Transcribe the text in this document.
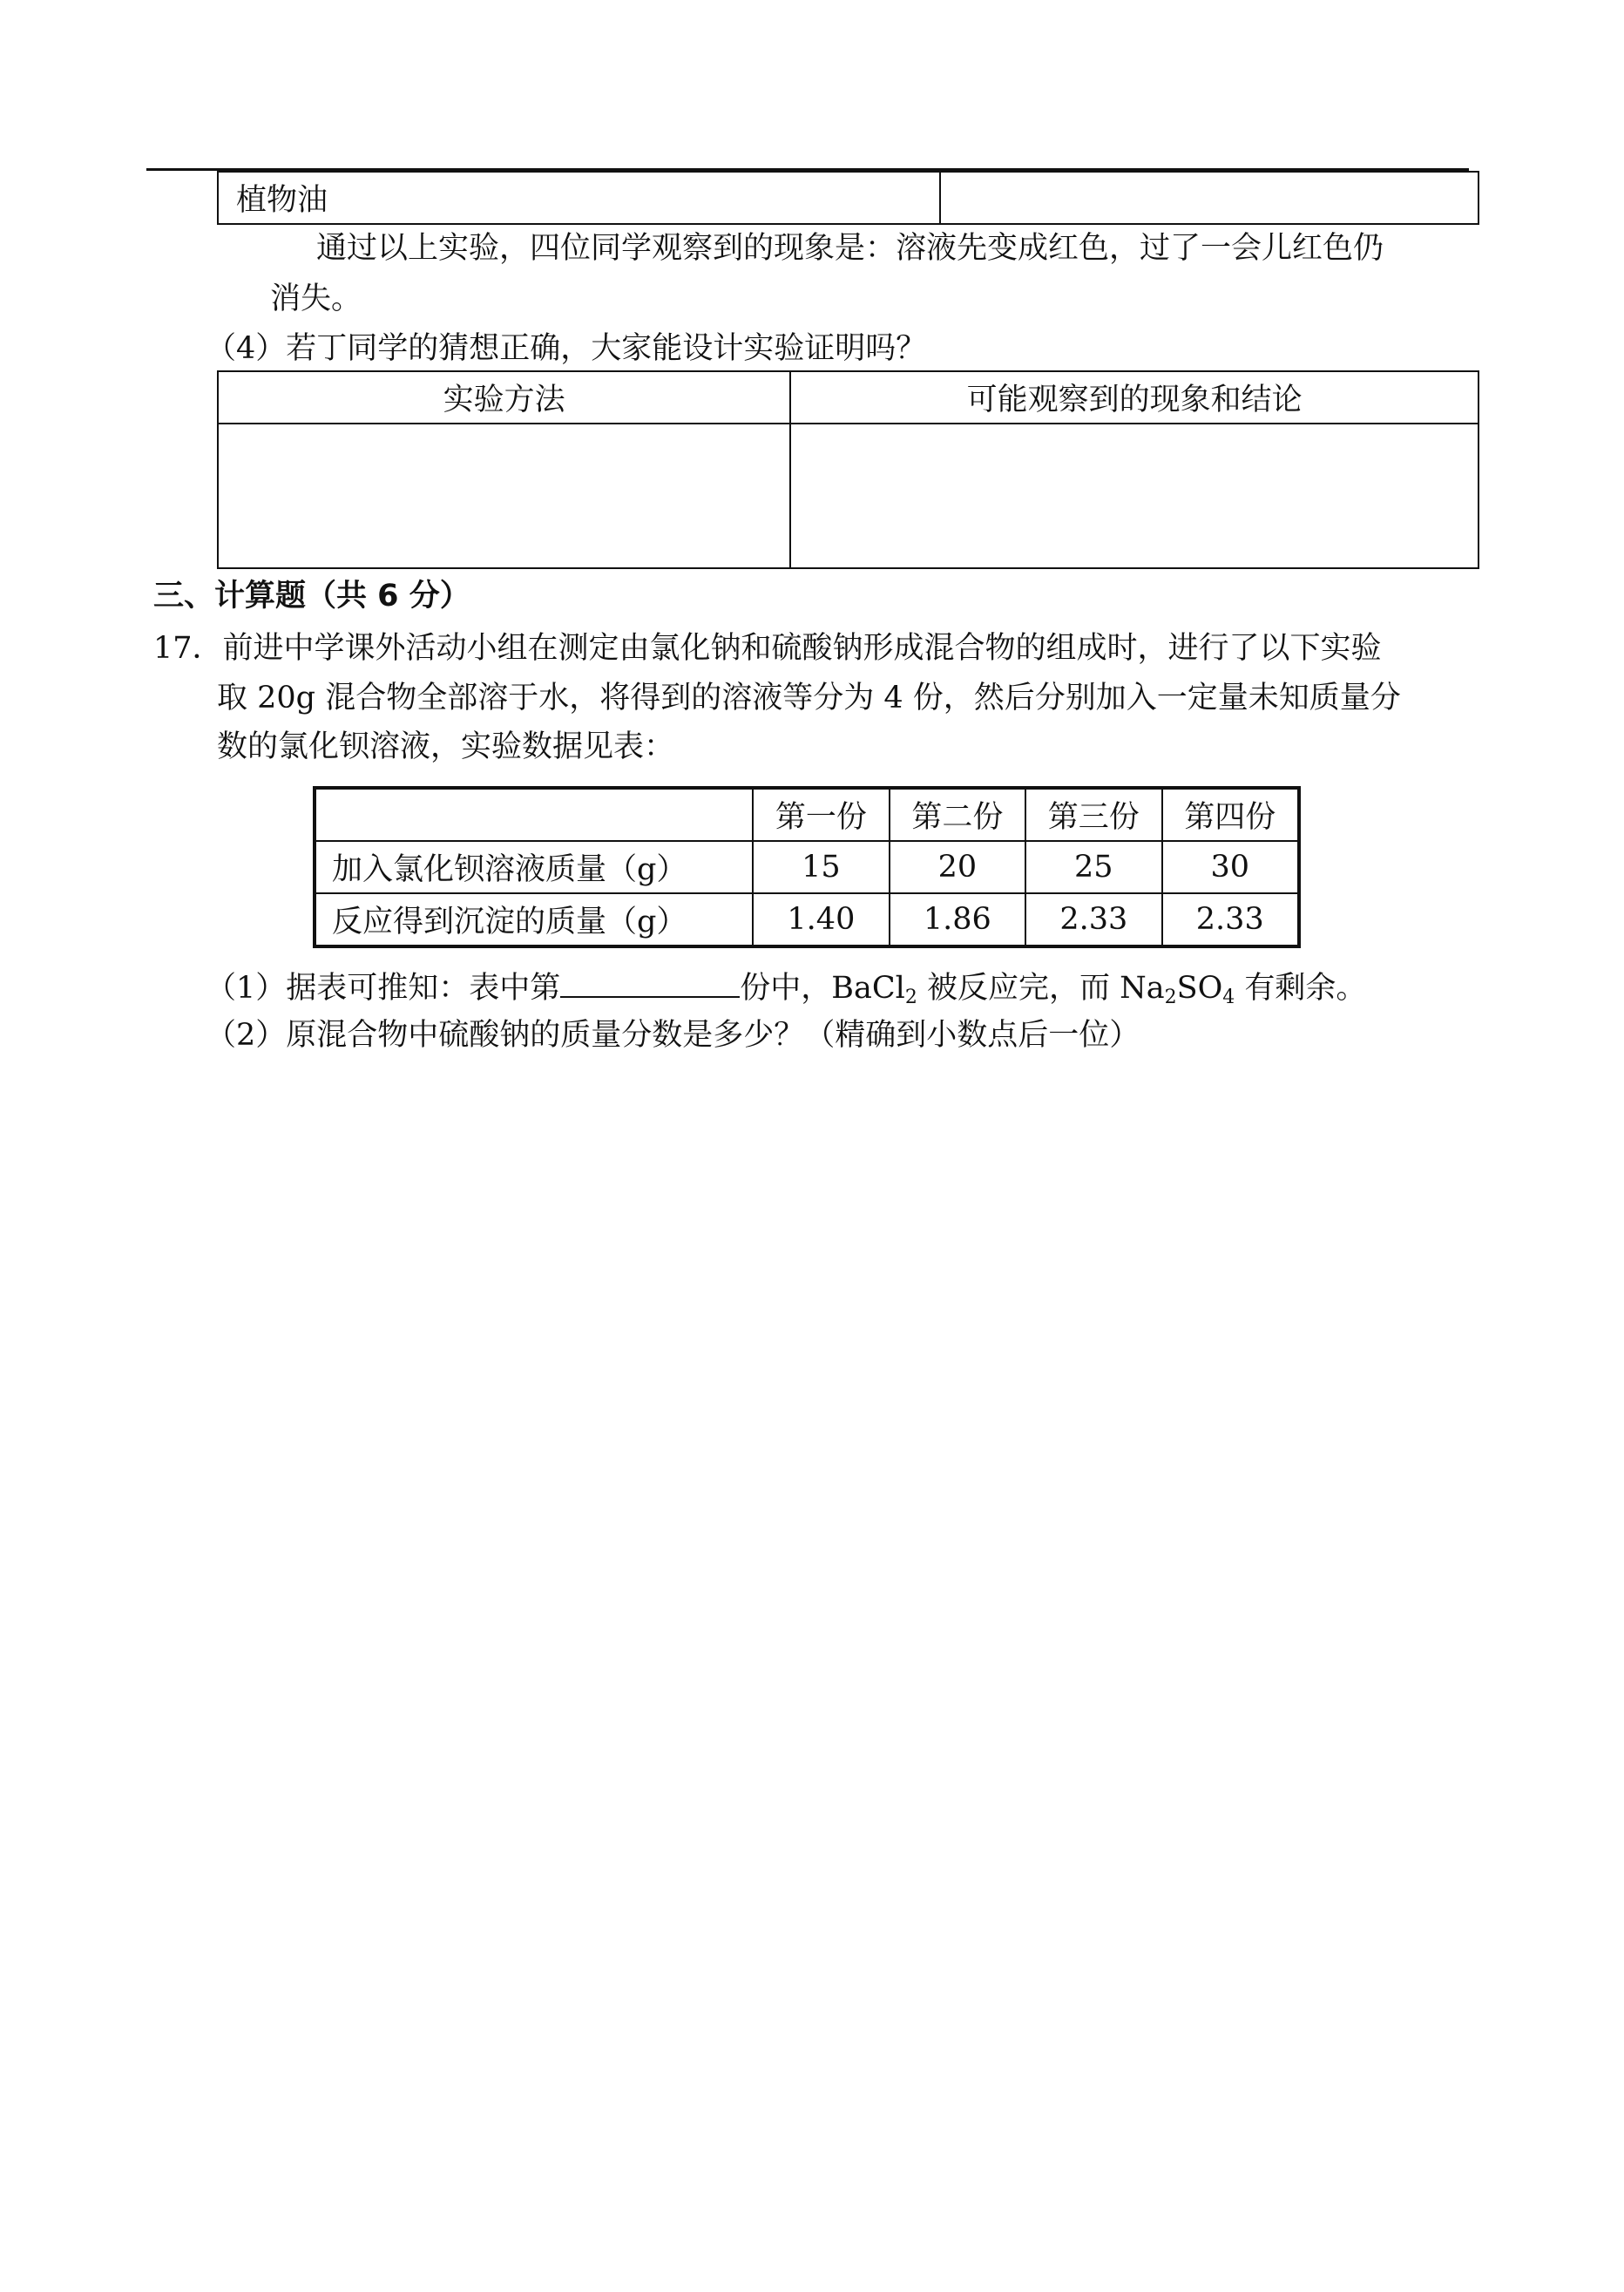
植物油	
通过以上实验，四位同学观察到的现象是：溶液先变成红色，过了一会儿红色仍
消失。
（4）若丁同学的猜想正确，大家能设计实验证明吗？
实验方法	可能观察到的现象和结论

三、计算题（共 6 分）
17．前进中学课外活动小组在测定由氯化钠和硫酸钠形成混合物的组成时，进行了以下实验
取 20g 混合物全部溶于水，将得到的溶液等分为 4 份，然后分别加入一定量未知质量分
数的氯化钡溶液，实验数据见表：
	第一份	第二份	第三份	第四份
加入氯化钡溶液质量（g）	15	20	25	30
反应得到沉淀的质量（g）	1.40	1.86	2.33	2.33
（1）据表可推知：表中第	份中，BaCl$_2$ 被反应完，而 $Na_2SO_4$ 有剩余。
（2）原混合物中硫酸钠的质量分数是多少？（精确到小数点后一位）
